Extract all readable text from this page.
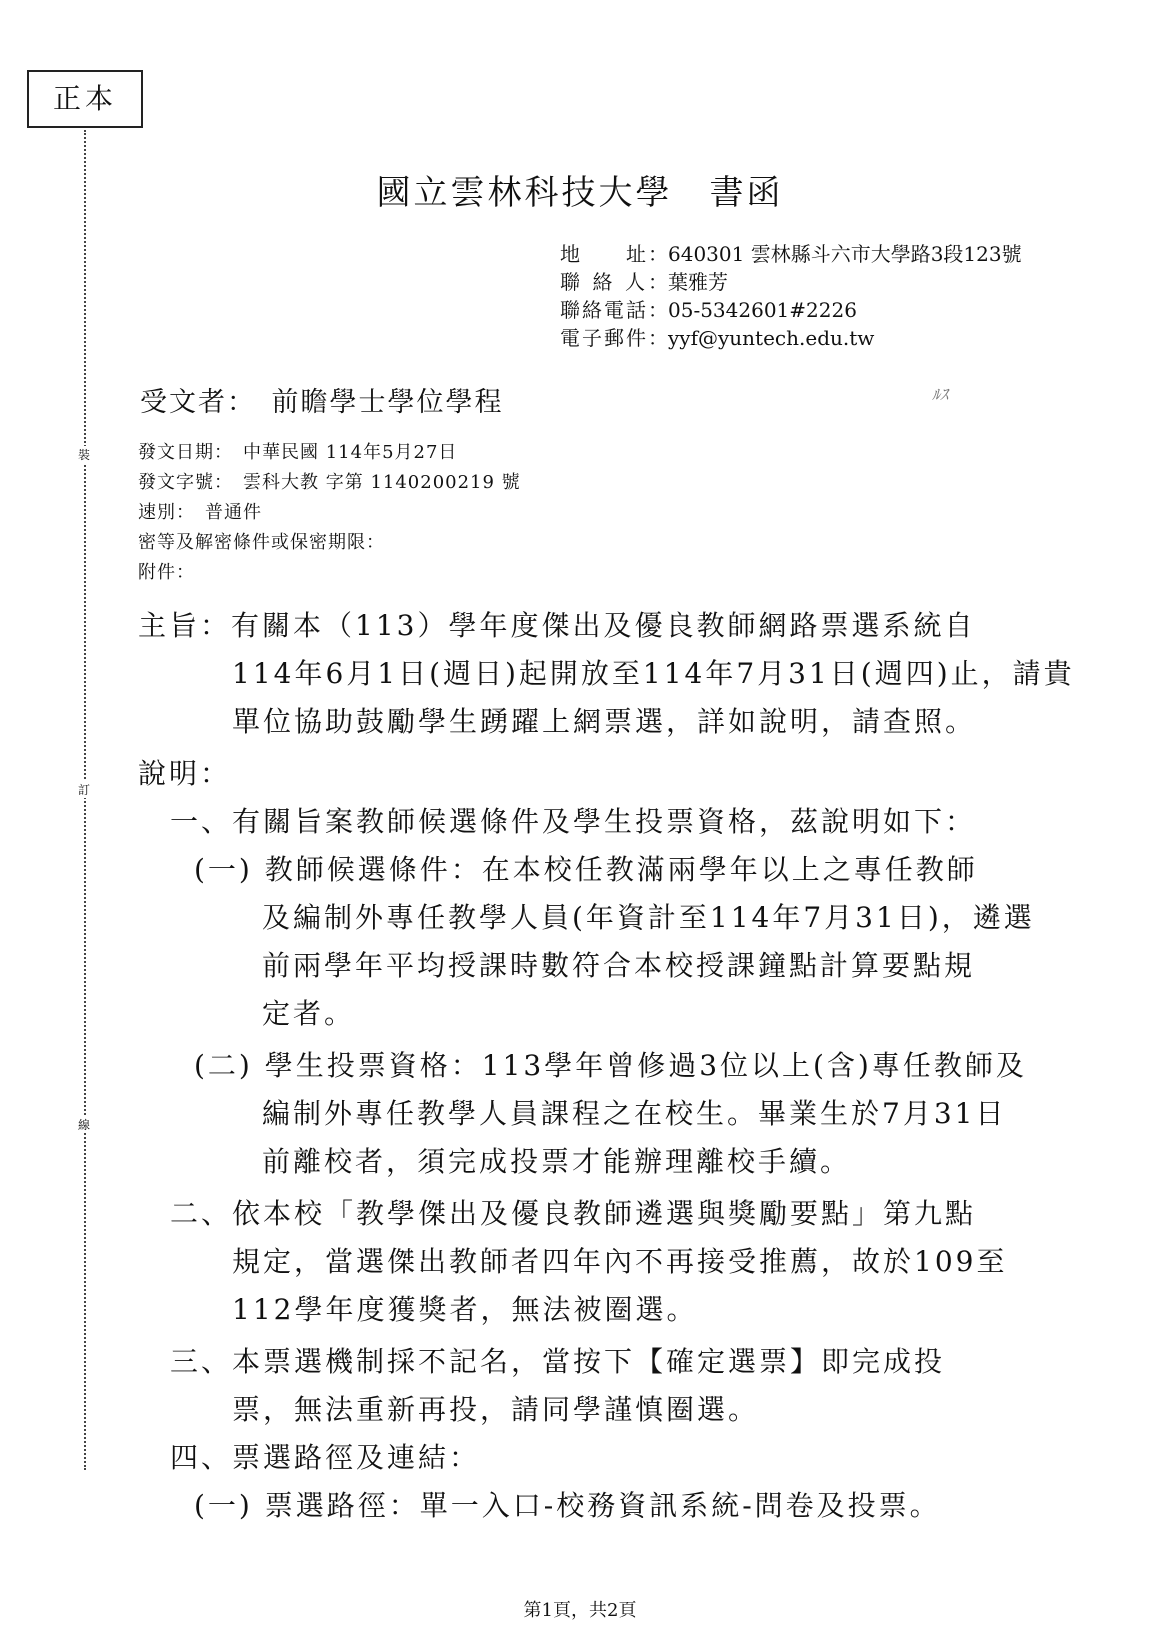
正本
裝
訂
線
國立雲林科技大學　書函
地　　址：640301 雲林縣斗六市大學路3段123號
聯 絡 人：葉雅芳
聯絡電話：05-5342601#2226
電子郵件：yyf@yuntech.edu.tw
受文者：　前瞻學士學位學程	ﾙｽ
發文日期：　中華民國 114年5月27日
發文字號：　雲科大教 字第 1140200219 號
速別：　普通件
密等及解密條件或保密期限：
附件：
主旨：有關本（113）學年度傑出及優良教師網路票選系統自
114年6月1日(週日)起開放至114年7月31日(週四)止，請貴
單位協助鼓勵學生踴躍上網票選，詳如說明，請查照。
說明：
一、有關旨案教師候選條件及學生投票資格，茲說明如下：
(一) 教師候選條件：在本校任教滿兩學年以上之專任教師
及編制外專任教學人員(年資計至114年7月31日)，遴選
前兩學年平均授課時數符合本校授課鐘點計算要點規
定者。
(二) 學生投票資格：113學年曾修過3位以上(含)專任教師及
編制外專任教學人員課程之在校生。畢業生於7月31日
前離校者，須完成投票才能辦理離校手續。
二、依本校「教學傑出及優良教師遴選與獎勵要點」第九點
規定，當選傑出教師者四年內不再接受推薦，故於109至
112學年度獲獎者，無法被圈選。
三、本票選機制採不記名，當按下【確定選票】即完成投
票，無法重新再投，請同學謹慎圈選。
四、票選路徑及連結：
(一) 票選路徑：單一入口-校務資訊系統-問卷及投票。
第1頁，共2頁
